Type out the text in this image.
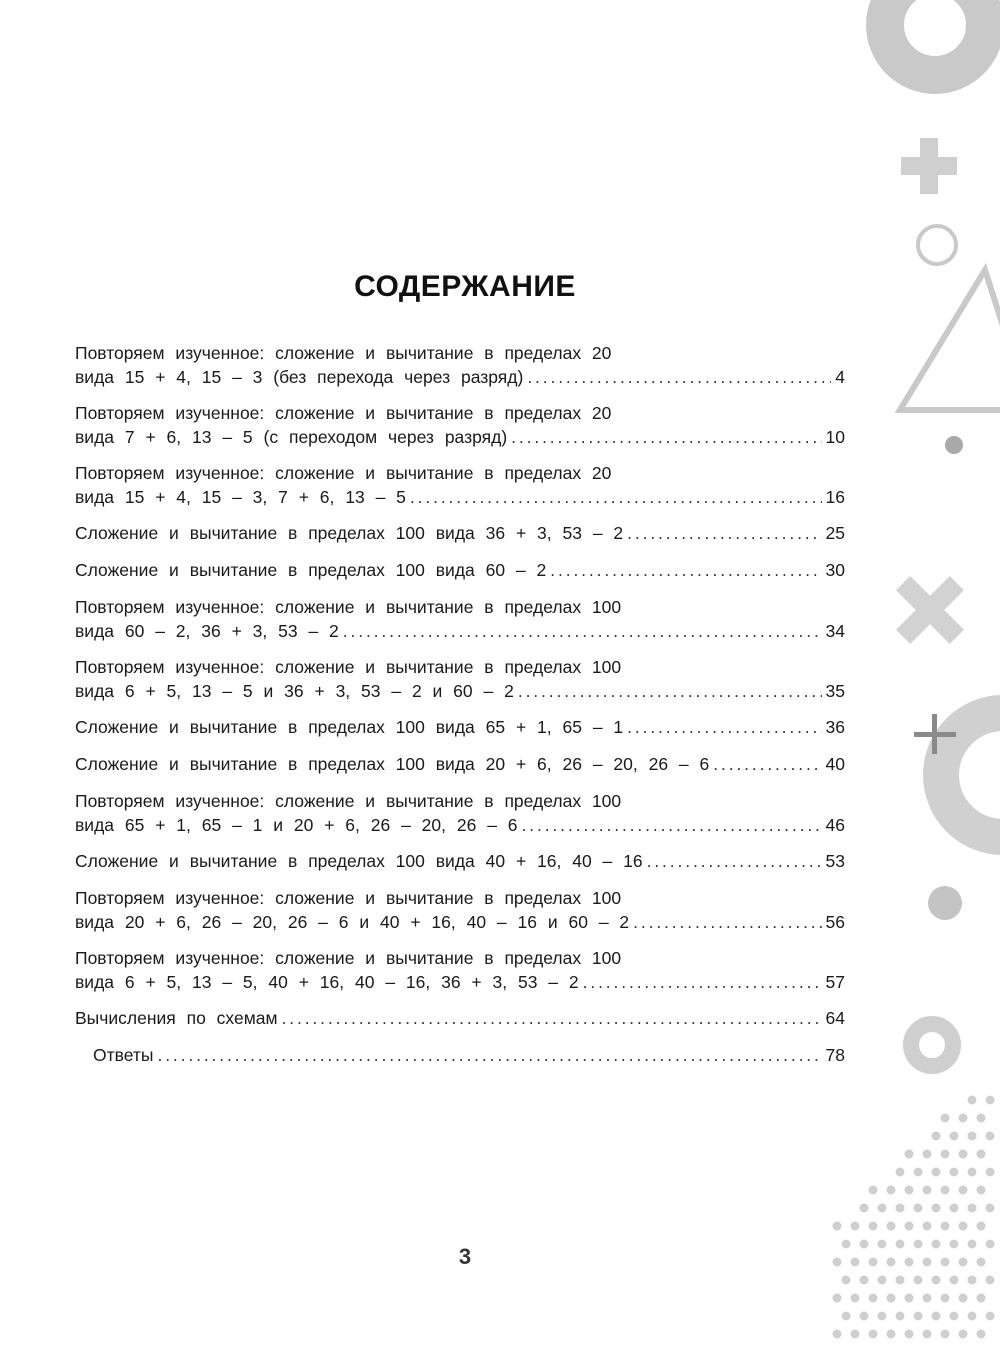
СОДЕРЖАНИЕ
Повторяем изученное: сложение и вычитание в пределах 20
вида 15 + 4, 15 – 3 (без перехода через разряд) . . .	4
Повторяем изученное: сложение и вычитание в пределах 20
вида 7 + 6, 13 – 5 (с переходом через разряд) . . .	10
Повторяем изученное: сложение и вычитание в пределах 20
вида 15 + 4, 15 – 3, 7 + 6, 13 – 5 . . .	16
Сложение и вычитание в пределах 100 вида 36 + 3, 53 – 2 . . .	25
Сложение и вычитание в пределах 100 вида 60 – 2 . . .	30
Повторяем изученное: сложение и вычитание в пределах 100
вида 60 – 2, 36 + 3, 53 – 2 . . .	34
Повторяем изученное: сложение и вычитание в пределах 100
вида 6 + 5, 13 – 5 и 36 + 3, 53 – 2 и 60 – 2 . . .	35
Сложение и вычитание в пределах 100 вида 65 + 1, 65 – 1 . . .	36
Сложение и вычитание в пределах 100 вида 20 + 6, 26 – 20, 26 – 6 . . .	40
Повторяем изученное: сложение и вычитание в пределах 100
вида 65 + 1, 65 – 1 и 20 + 6, 26 – 20, 26 – 6 . . .	46
Сложение и вычитание в пределах 100 вида 40 + 16, 40 – 16 . . .	53
Повторяем изученное: сложение и вычитание в пределах 100
вида 20 + 6, 26 – 20, 26 – 6 и 40 + 16, 40 – 16 и 60 – 2 . . .	56
Повторяем изученное: сложение и вычитание в пределах 100
вида 6 + 5, 13 – 5, 40 + 16, 40 – 16, 36 + 3, 53 – 2 . . .	57
Вычисления по схемам . . .	64
Ответы . . .	78
3
